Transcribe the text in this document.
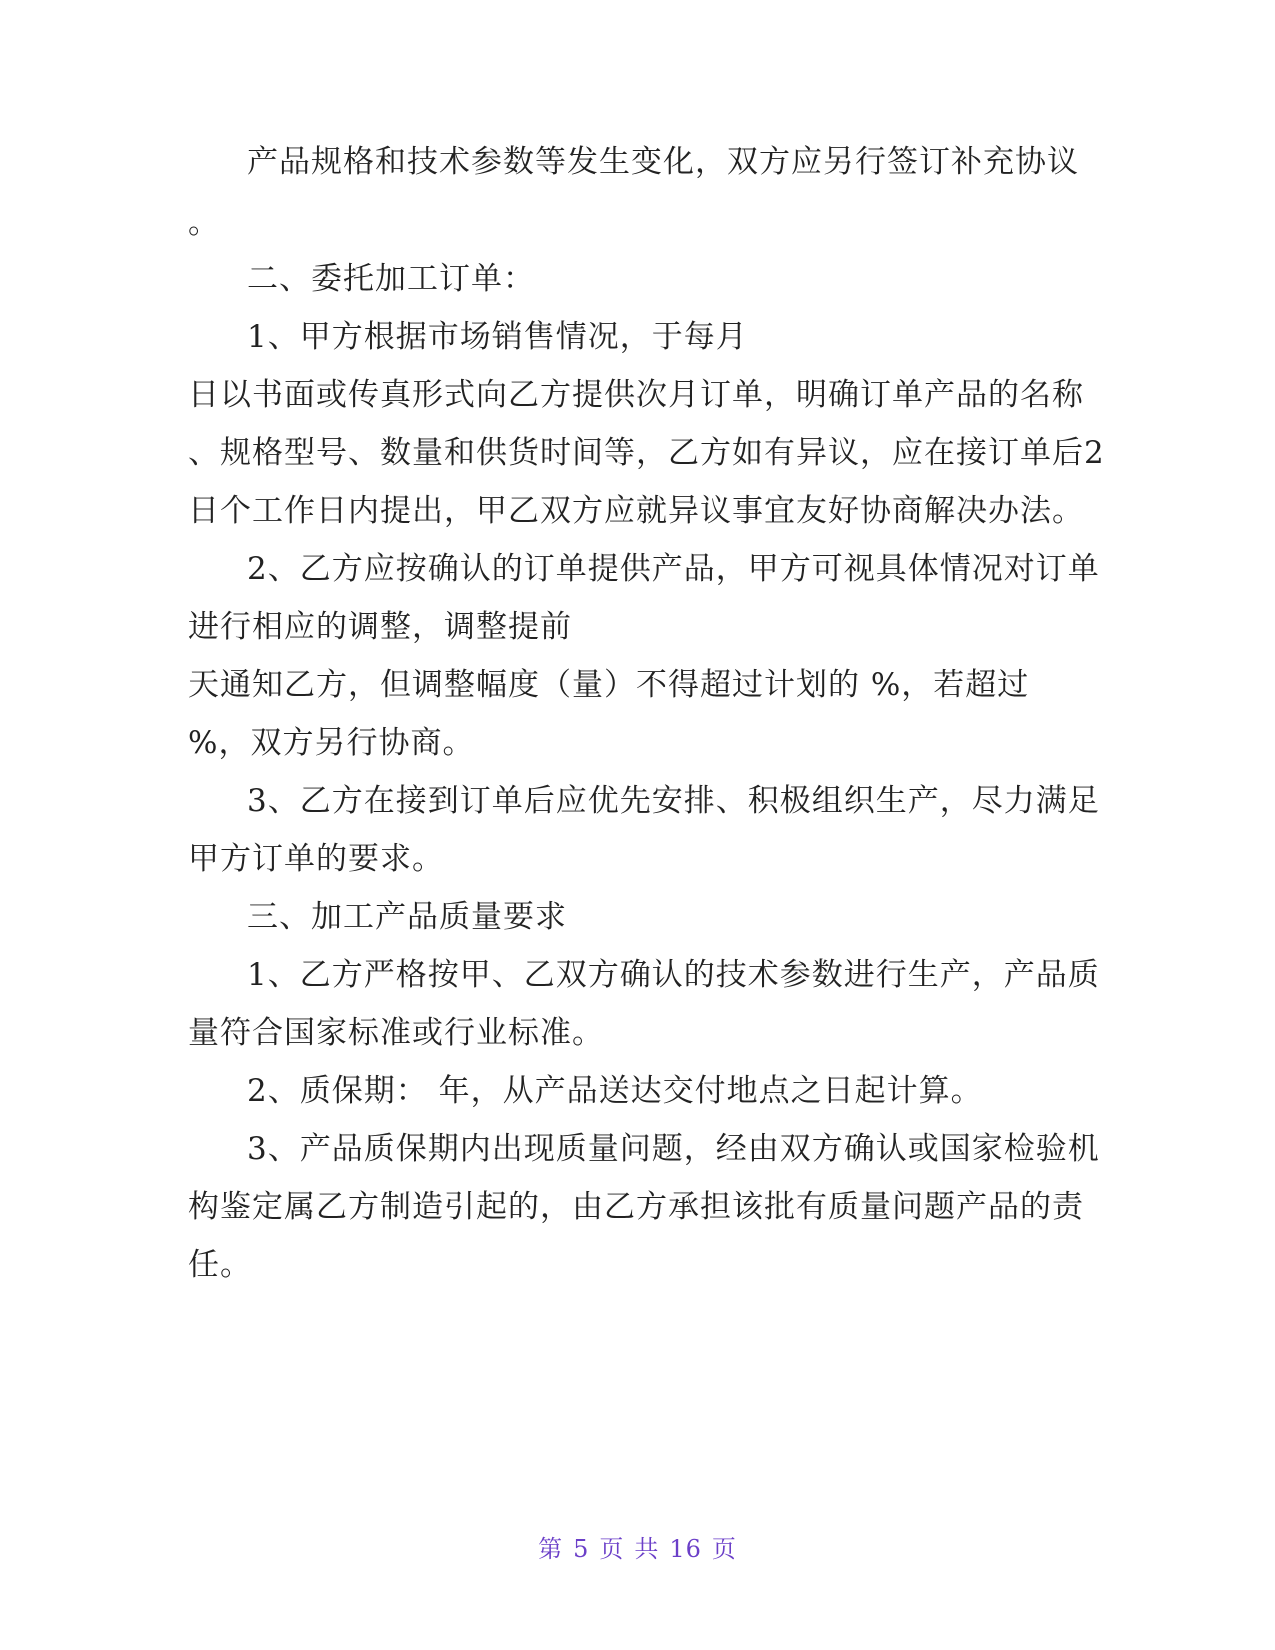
产品规格和技术参数等发生变化，双方应另行签订补充协议
。
二、委托加工订单：
1、甲方根据市场销售情况，于每月
日以书面或传真形式向乙方提供次月订单，明确订单产品的名称
、规格型号、数量和供货时间等，乙方如有异议，应在接订单后2
日个工作日内提出，甲乙双方应就异议事宜友好协商解决办法。
2、乙方应按确认的订单提供产品，甲方可视具体情况对订单
进行相应的调整，调整提前
天通知乙方，但调整幅度（量）不得超过计划的 %，若超过
%，双方另行协商。
3、乙方在接到订单后应优先安排、积极组织生产，尽力满足
甲方订单的要求。
三、加工产品质量要求
1、乙方严格按甲、乙双方确认的技术参数进行生产，产品质
量符合国家标准或行业标准。
2、质保期： 年，从产品送达交付地点之日起计算。
3、产品质保期内出现质量问题，经由双方确认或国家检验机
构鉴定属乙方制造引起的，由乙方承担该批有质量问题产品的责
任。
第 5 页 共 16 页
